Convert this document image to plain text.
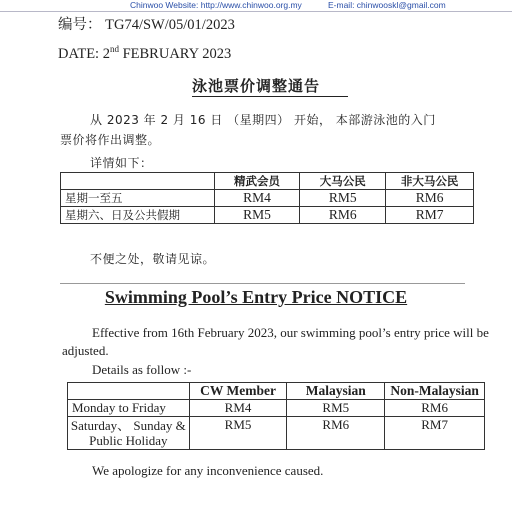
Chinwoo Website: http://www.chinwoo.org.my	E-mail: chinwooskl@gmail.com
编号： TG74/SW/05/01/2023
DATE: 2nd FEBRUARY 2023
泳池票价调整通告
从 2023 年 2 月 16 日 （星期四） 开始， 本部游泳池的入门
票价将作出调整。
详情如下：
	精武会员	大马公民	非大马公民
星期一至五	RM4	RM5	RM6
星期六、日及公共假期	RM5	RM6	RM7
不便之处，敬请见谅。
Swimming Pool’s Entry Price NOTICE
Effective from 16th February 2023, our swimming pool’s entry price will be
adjusted.
Details as follow :-
	CW Member	Malaysian	Non-Malaysian
Monday to Friday	RM4	RM5	RM6
Saturday、 Sunday &
Public Holiday	RM5	RM6	RM7
We apologize for any inconvenience caused.
